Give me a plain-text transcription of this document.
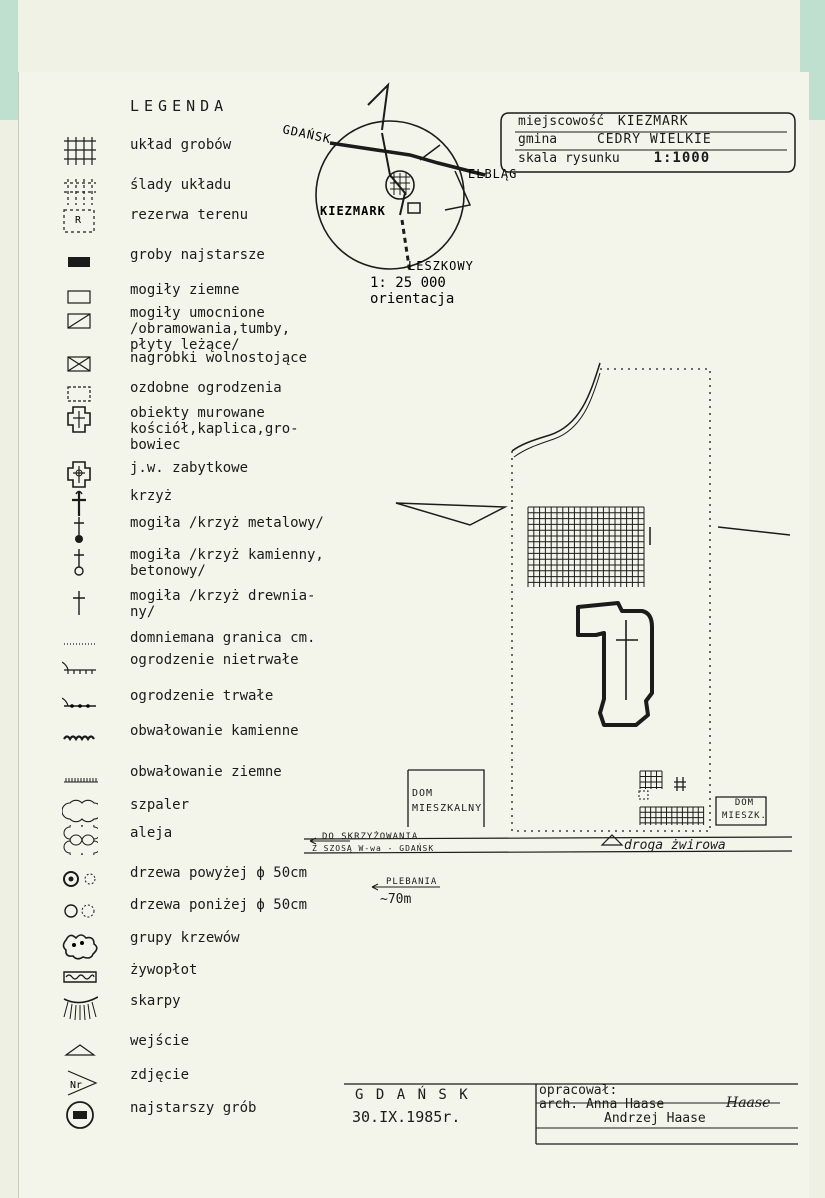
LEGENDA
układ grobów
ślady układu
R	rezerwa terenu
groby najstarsze
mogiły ziemne
mogiły umocnione
/obramowania,tumby,
płyty leżące/
nagrobki wolnostojące
ozdobne ogrodzenia
obiekty murowane
kościół,kaplica,gro-
bowiec
j.w. zabytkowe
krzyż
mogiła /krzyż metalowy/
mogiła /krzyż kamienny,
betonowy/
mogiła /krzyż drewnia-
ny/
domniemana granica cm.
ogrodzenie nietrwałe
ogrodzenie trwałe
obwałowanie kamienne
obwałowanie ziemne
szpaler
aleja
drzewa powyżej ф 50cm
drzewa poniżej ф 50cm
grupy krzewów
żywopłot
skarpy
wejście
Nr
zdjęcie
najstarszy grób
GDAŃSK
ELBLĄG
KIEZMARK
LESZKOWY
1: 25 000
orientacja
miejscowość KIEZMARK
gmina	CEDRY WIELKIE
skala rysunku 1:1000
DOM
MIESZKALNY	DOM
MIESZK.
DO SKRZYŻOWANIA
Z SZOSĄ W-wa - GDAŃSK	droga żwirowa
PLEBANIA
~70m
G D A Ń S K
30.IX.1985r.
opracował:
arch. Anna Haase
Andrzej Haase
Haase
